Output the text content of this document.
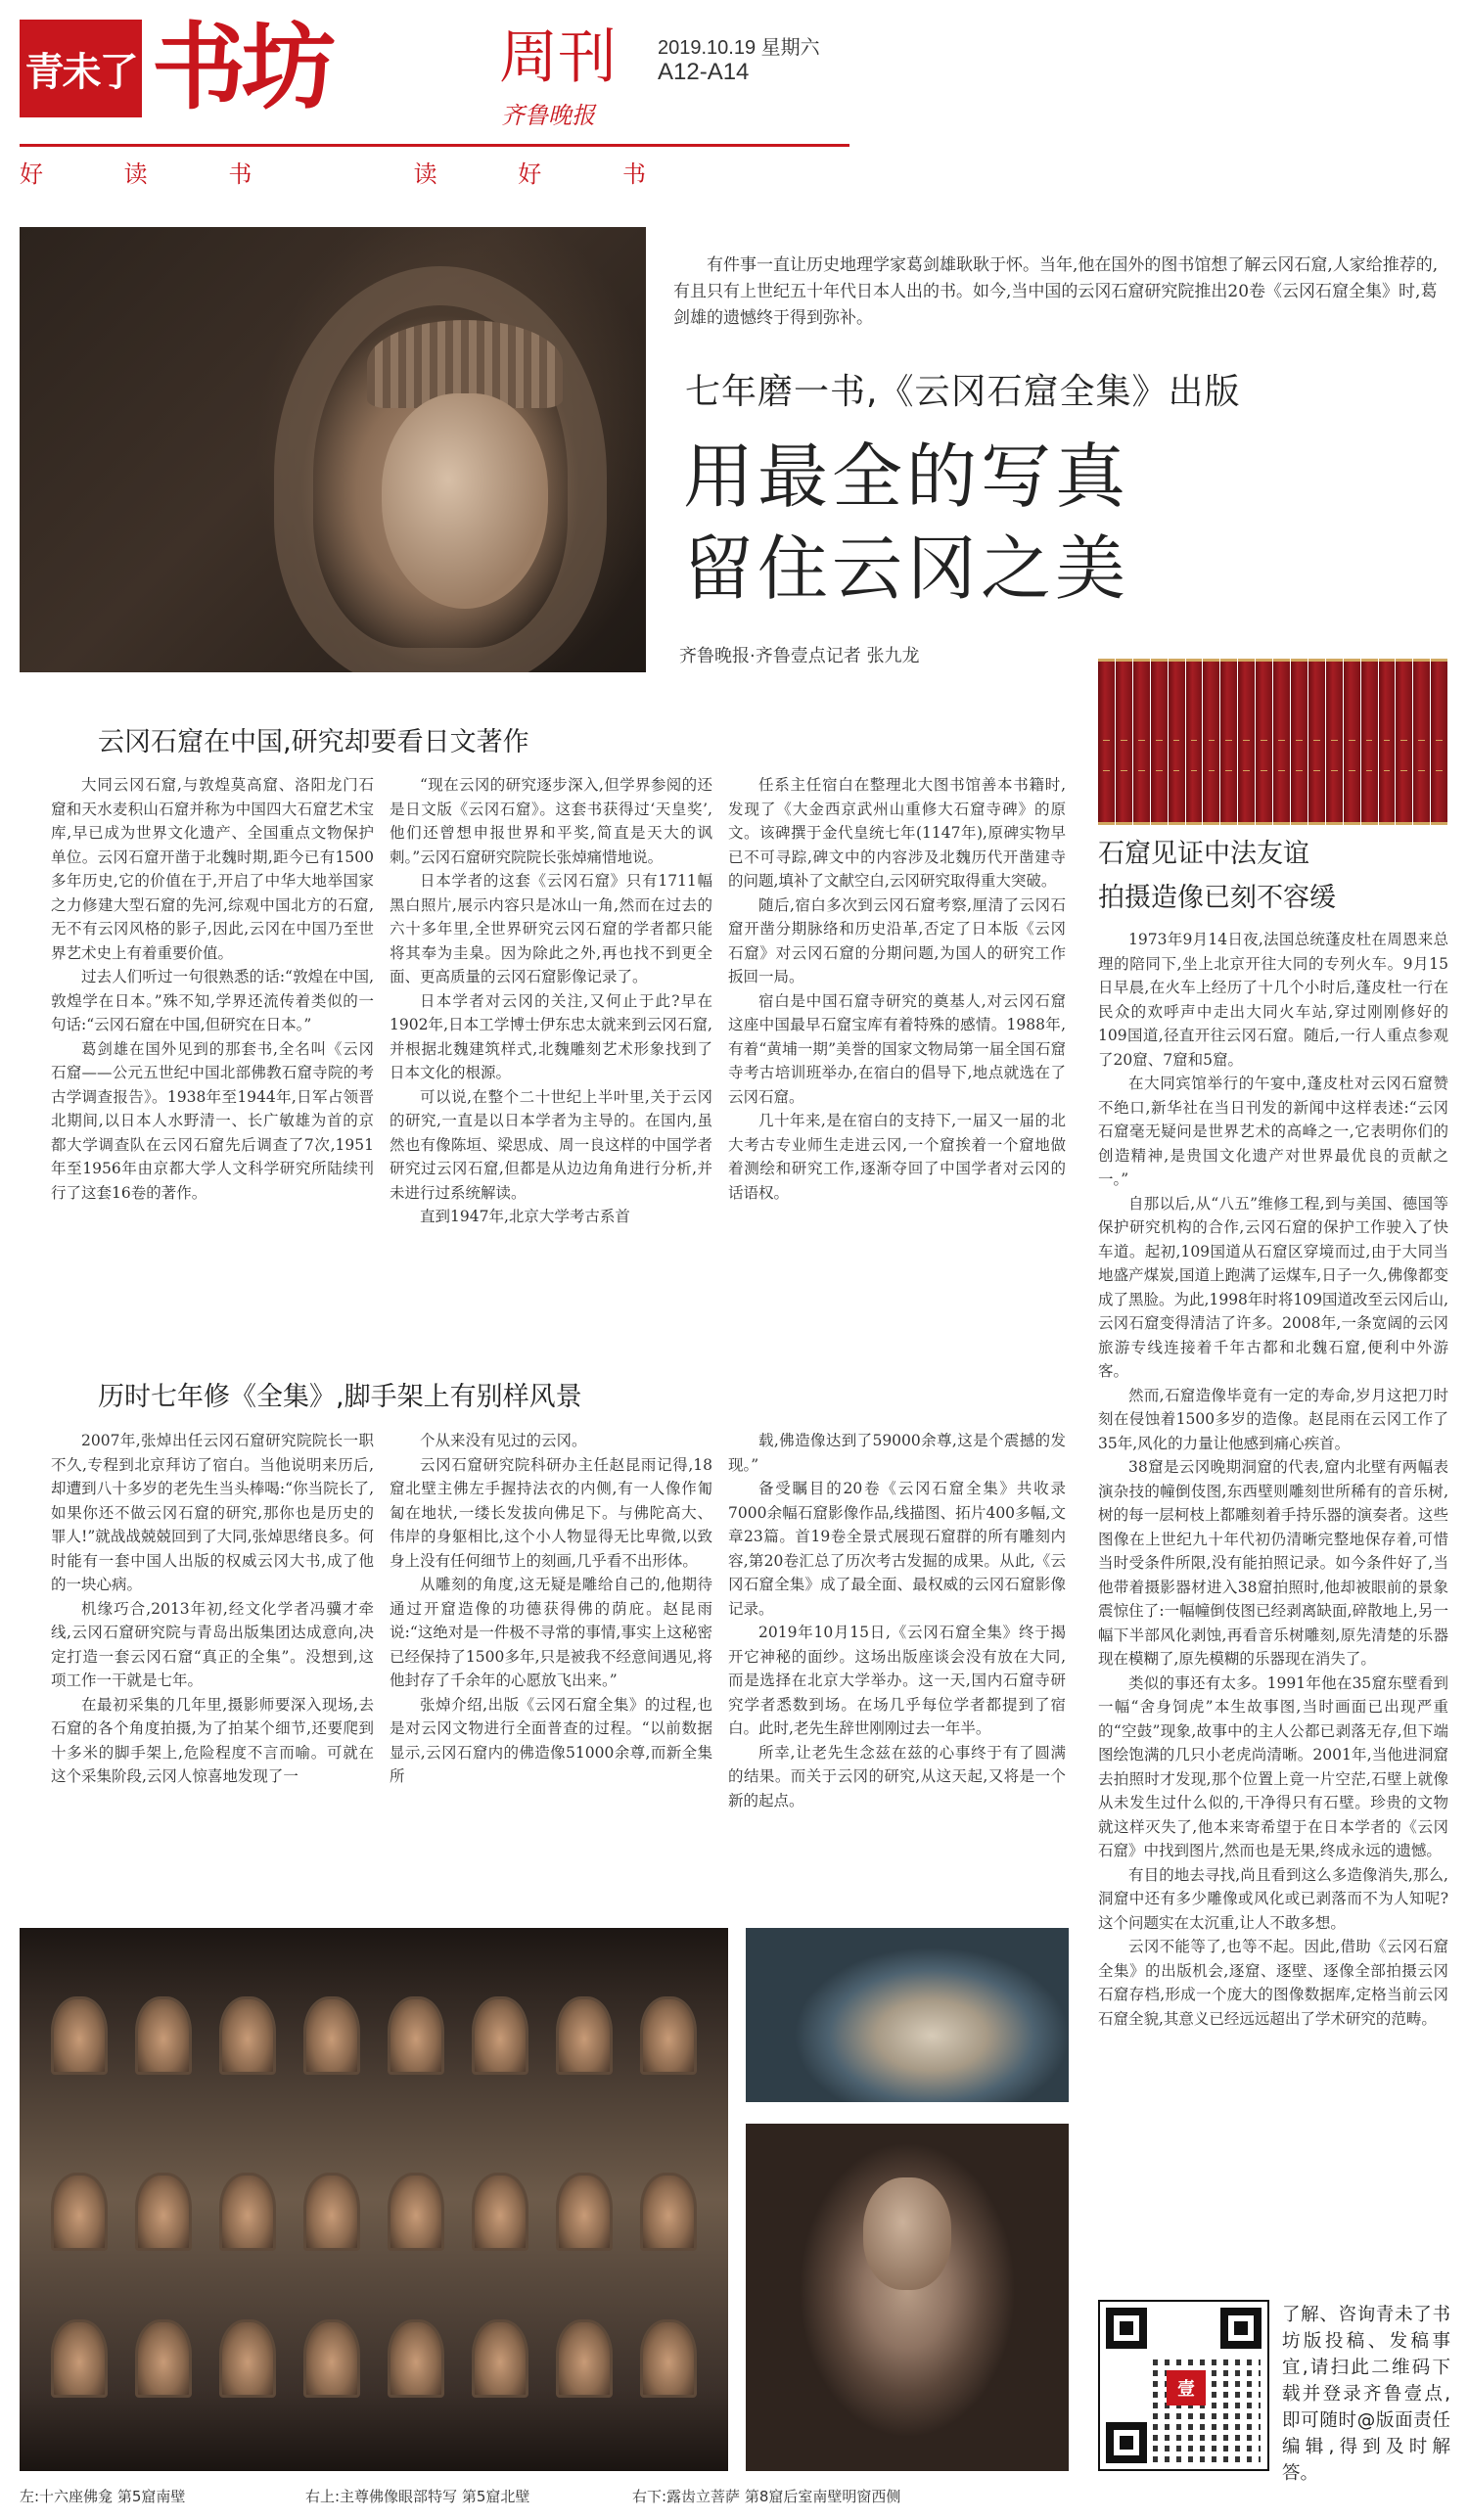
青未了 书坊	周刊
齐鲁晚报
2019.10.19 星期六
A12-A14
好	读	书	读	好	书

有件事一直让历史地理学家葛剑雄耿耿于怀。当年,他在国外的图书馆想了解云冈石窟,人家给推荐的,有且只有上世纪五十年代日本人出的书。如今,当中国的云冈石窟研究院推出20卷《云冈石窟全集》时,葛剑雄的遗憾终于得到弥补。

七年磨一书,《云冈石窟全集》出版
用最全的写真
留住云冈之美
齐鲁晚报·齐鲁壹点记者 张九龙
云冈石窟在中国,研究却要看日文著作

大同云冈石窟,与敦煌莫高窟、洛阳龙门石窟和天水麦积山石窟并称为中国四大石窟艺术宝库,早已成为世界文化遗产、全国重点文物保护单位。云冈石窟开凿于北魏时期,距今已有1500多年历史,它的价值在于,开启了中华大地举国家之力修建大型石窟的先河,综观中国北方的石窟,无不有云冈风格的影子,因此,云冈在中国乃至世界艺术史上有着重要价值。

过去人们听过一句很熟悉的话:“敦煌在中国,敦煌学在日本。”殊不知,学界还流传着类似的一句话:“云冈石窟在中国,但研究在日本。”

葛剑雄在国外见到的那套书,全名叫《云冈石窟——公元五世纪中国北部佛教石窟寺院的考古学调查报告》。1938年至1944年,日军占领晋北期间,以日本人水野清一、长广敏雄为首的京都大学调查队在云冈石窟先后调查了7次,1951年至1956年由京都大学人文科学研究所陆续刊行了这套16卷的著作。

“现在云冈的研究逐步深入,但学界参阅的还是日文版《云冈石窟》。这套书获得过‘天皇奖’,他们还曾想申报世界和平奖,简直是天大的讽刺。”云冈石窟研究院院长张焯痛惜地说。

日本学者的这套《云冈石窟》只有1711幅黑白照片,展示内容只是冰山一角,然而在过去的六十多年里,全世界研究云冈石窟的学者都只能将其奉为圭臬。因为除此之外,再也找不到更全面、更高质量的云冈石窟影像记录了。

日本学者对云冈的关注,又何止于此?早在1902年,日本工学博士伊东忠太就来到云冈石窟,并根据北魏建筑样式,北魏雕刻艺术形象找到了日本文化的根源。

可以说,在整个二十世纪上半叶里,关于云冈的研究,一直是以日本学者为主导的。在国内,虽然也有像陈垣、梁思成、周一良这样的中国学者研究过云冈石窟,但都是从边边角角进行分析,并未进行过系统解读。

直到1947年,北京大学考古系首

任系主任宿白在整理北大图书馆善本书籍时,发现了《大金西京武州山重修大石窟寺碑》的原文。该碑撰于金代皇统七年(1147年),原碑实物早已不可寻踪,碑文中的内容涉及北魏历代开凿建寺的问题,填补了文献空白,云冈研究取得重大突破。

随后,宿白多次到云冈石窟考察,厘清了云冈石窟开凿分期脉络和历史沿革,否定了日本版《云冈石窟》对云冈石窟的分期问题,为国人的研究工作扳回一局。

宿白是中国石窟寺研究的奠基人,对云冈石窟这座中国最早石窟宝库有着特殊的感情。1988年,有着“黄埔一期”美誉的国家文物局第一届全国石窟寺考古培训班举办,在宿白的倡导下,地点就选在了云冈石窟。

几十年来,是在宿白的支持下,一届又一届的北大考古专业师生走进云冈,一个窟挨着一个窟地做着测绘和研究工作,逐渐夺回了中国学者对云冈的话语权。

历时七年修《全集》,脚手架上有别样风景

2007年,张焯出任云冈石窟研究院院长一职不久,专程到北京拜访了宿白。当他说明来历后,却遭到八十多岁的老先生当头棒喝:“你当院长了,如果你还不做云冈石窟的研究,那你也是历史的罪人!”就战战兢兢回到了大同,张焯思绪良多。何时能有一套中国人出版的权威云冈大书,成了他的一块心病。

机缘巧合,2013年初,经文化学者冯骥才牵线,云冈石窟研究院与青岛出版集团达成意向,决定打造一套云冈石窟“真正的全集”。没想到,这项工作一干就是七年。

在最初采集的几年里,摄影师要深入现场,去石窟的各个角度拍摄,为了拍某个细节,还要爬到十多米的脚手架上,危险程度不言而喻。可就在这个采集阶段,云冈人惊喜地发现了一

个从来没有见过的云冈。

云冈石窟研究院科研办主任赵昆雨记得,18窟北壁主佛左手握持法衣的内侧,有一人像作匍匐在地状,一缕长发拔向佛足下。与佛陀高大、伟岸的身躯相比,这个小人物显得无比卑微,以致身上没有任何细节上的刻画,几乎看不出形体。

从雕刻的角度,这无疑是雕给自己的,他期待通过开窟造像的功德获得佛的荫庇。赵昆雨说:“这绝对是一件极不寻常的事情,事实上这秘密已经保持了1500多年,只是被我不经意间遇见,将他封存了千余年的心愿放飞出来。”

张焯介绍,出版《云冈石窟全集》的过程,也是对云冈文物进行全面普查的过程。“以前数据显示,云冈石窟内的佛造像51000余尊,而新全集所

载,佛造像达到了59000余尊,这是个震撼的发现。”

备受瞩目的20卷《云冈石窟全集》共收录7000余幅石窟影像作品,线描图、拓片400多幅,文章23篇。首19卷全景式展现石窟群的所有雕刻内容,第20卷汇总了历次考古发掘的成果。从此,《云冈石窟全集》成了最全面、最权威的云冈石窟影像记录。

2019年10月15日,《云冈石窟全集》终于揭开它神秘的面纱。这场出版座谈会没有放在大同,而是选择在北京大学举办。这一天,国内石窟寺研究学者悉数到场。在场几乎每位学者都提到了宿白。此时,老先生辞世刚刚过去一年半。

所幸,让老先生念兹在兹的心事终于有了圆满的结果。而关于云冈的研究,从这天起,又将是一个新的起点。

石窟见证中法友谊
拍摄造像已刻不容缓

1973年9月14日夜,法国总统蓬皮杜在周恩来总理的陪同下,坐上北京开往大同的专列火车。9月15日早晨,在火车上经历了十几个小时后,蓬皮杜一行在民众的欢呼声中走出大同火车站,穿过刚刚修好的109国道,径直开往云冈石窟。随后,一行人重点参观了20窟、7窟和5窟。

在大同宾馆举行的午宴中,蓬皮杜对云冈石窟赞不绝口,新华社在当日刊发的新闻中这样表述:“云冈石窟毫无疑问是世界艺术的高峰之一,它表明你们的创造精神,是贵国文化遗产对世界最优良的贡献之一。”

自那以后,从“八五”维修工程,到与美国、德国等保护研究机构的合作,云冈石窟的保护工作驶入了快车道。起初,109国道从石窟区穿境而过,由于大同当地盛产煤炭,国道上跑满了运煤车,日子一久,佛像都变成了黑脸。为此,1998年时将109国道改至云冈后山,云冈石窟变得清洁了许多。2008年,一条宽阔的云冈旅游专线连接着千年古都和北魏石窟,便利中外游客。

然而,石窟造像毕竟有一定的寿命,岁月这把刀时刻在侵蚀着1500多岁的造像。赵昆雨在云冈工作了35年,风化的力量让他感到痛心疾首。

38窟是云冈晚期洞窟的代表,窟内北壁有两幅表演杂技的幢倒伎图,东西壁则雕刻世所稀有的音乐树,树的每一层柯枝上都雕刻着手持乐器的演奏者。这些图像在上世纪九十年代初仍清晰完整地保存着,可惜当时受条件所限,没有能拍照记录。如今条件好了,当他带着摄影器材进入38窟拍照时,他却被眼前的景象震惊住了:一幅幢倒伎图已经剥离缺面,碎散地上,另一幅下半部风化剥蚀,再看音乐树雕刻,原先清楚的乐器现在模糊了,原先模糊的乐器现在消失了。

类似的事还有太多。1991年他在35窟东壁看到一幅“舍身饲虎”本生故事图,当时画面已出现严重的“空鼓”现象,故事中的主人公都已剥落无存,但下端图绘饱满的几只小老虎尚清晰。2001年,当他进洞窟去拍照时才发现,那个位置上竟一片空茫,石壁上就像从未发生过什么似的,干净得只有石壁。珍贵的文物就这样灭失了,他本来寄希望于在日本学者的《云冈石窟》中找到图片,然而也是无果,终成永远的遗憾。

有目的地去寻找,尚且看到这么多造像消失,那么,洞窟中还有多少雕像或风化或已剥落而不为人知呢?这个问题实在太沉重,让人不敢多想。

云冈不能等了,也等不起。因此,借助《云冈石窟全集》的出版机会,逐窟、逐壁、逐像全部拍摄云冈石窟存档,形成一个庞大的图像数据库,定格当前云冈石窟全貌,其意义已经远远超出了学术研究的范畴。

左:十六座佛龛 第5窟南壁	右上:主尊佛像眼部特写 第5窟北壁	右下:露齿立菩萨 第8窟后室南壁明窗西侧
壹
了解、咨询青未了书坊版投稿、发稿事宜,请扫此二维码下载并登录齐鲁壹点,即可随时@版面责任编辑,得到及时解答。
